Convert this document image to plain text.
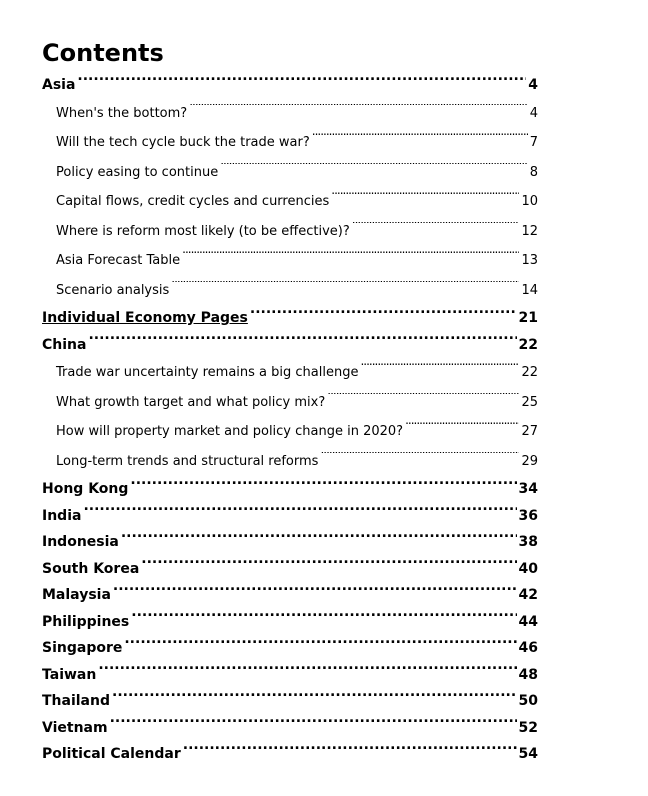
Contents
Asia .....	4
When's the bottom? .....	4
Will the tech cycle buck the trade war? .....	7
Policy easing to continue .....	8
Capital flows, credit cycles and currencies .....	10
Where is reform most likely (to be effective)? .....	12
Asia Forecast Table .....	13
Scenario analysis .....	14
Individual Economy Pages .....	21
China .....	22
Trade war uncertainty remains a big challenge .....	22
What growth target and what policy mix? .....	25
How will property market and policy change in 2020? .....	27
Long-term trends and structural reforms .....	29
Hong Kong .....	34
India .....	36
Indonesia .....	38
South Korea .....	40
Malaysia .....	42
Philippines .....	44
Singapore .....	46
Taiwan .....	48
Thailand .....	50
Vietnam .....	52
Political Calendar .....	54
